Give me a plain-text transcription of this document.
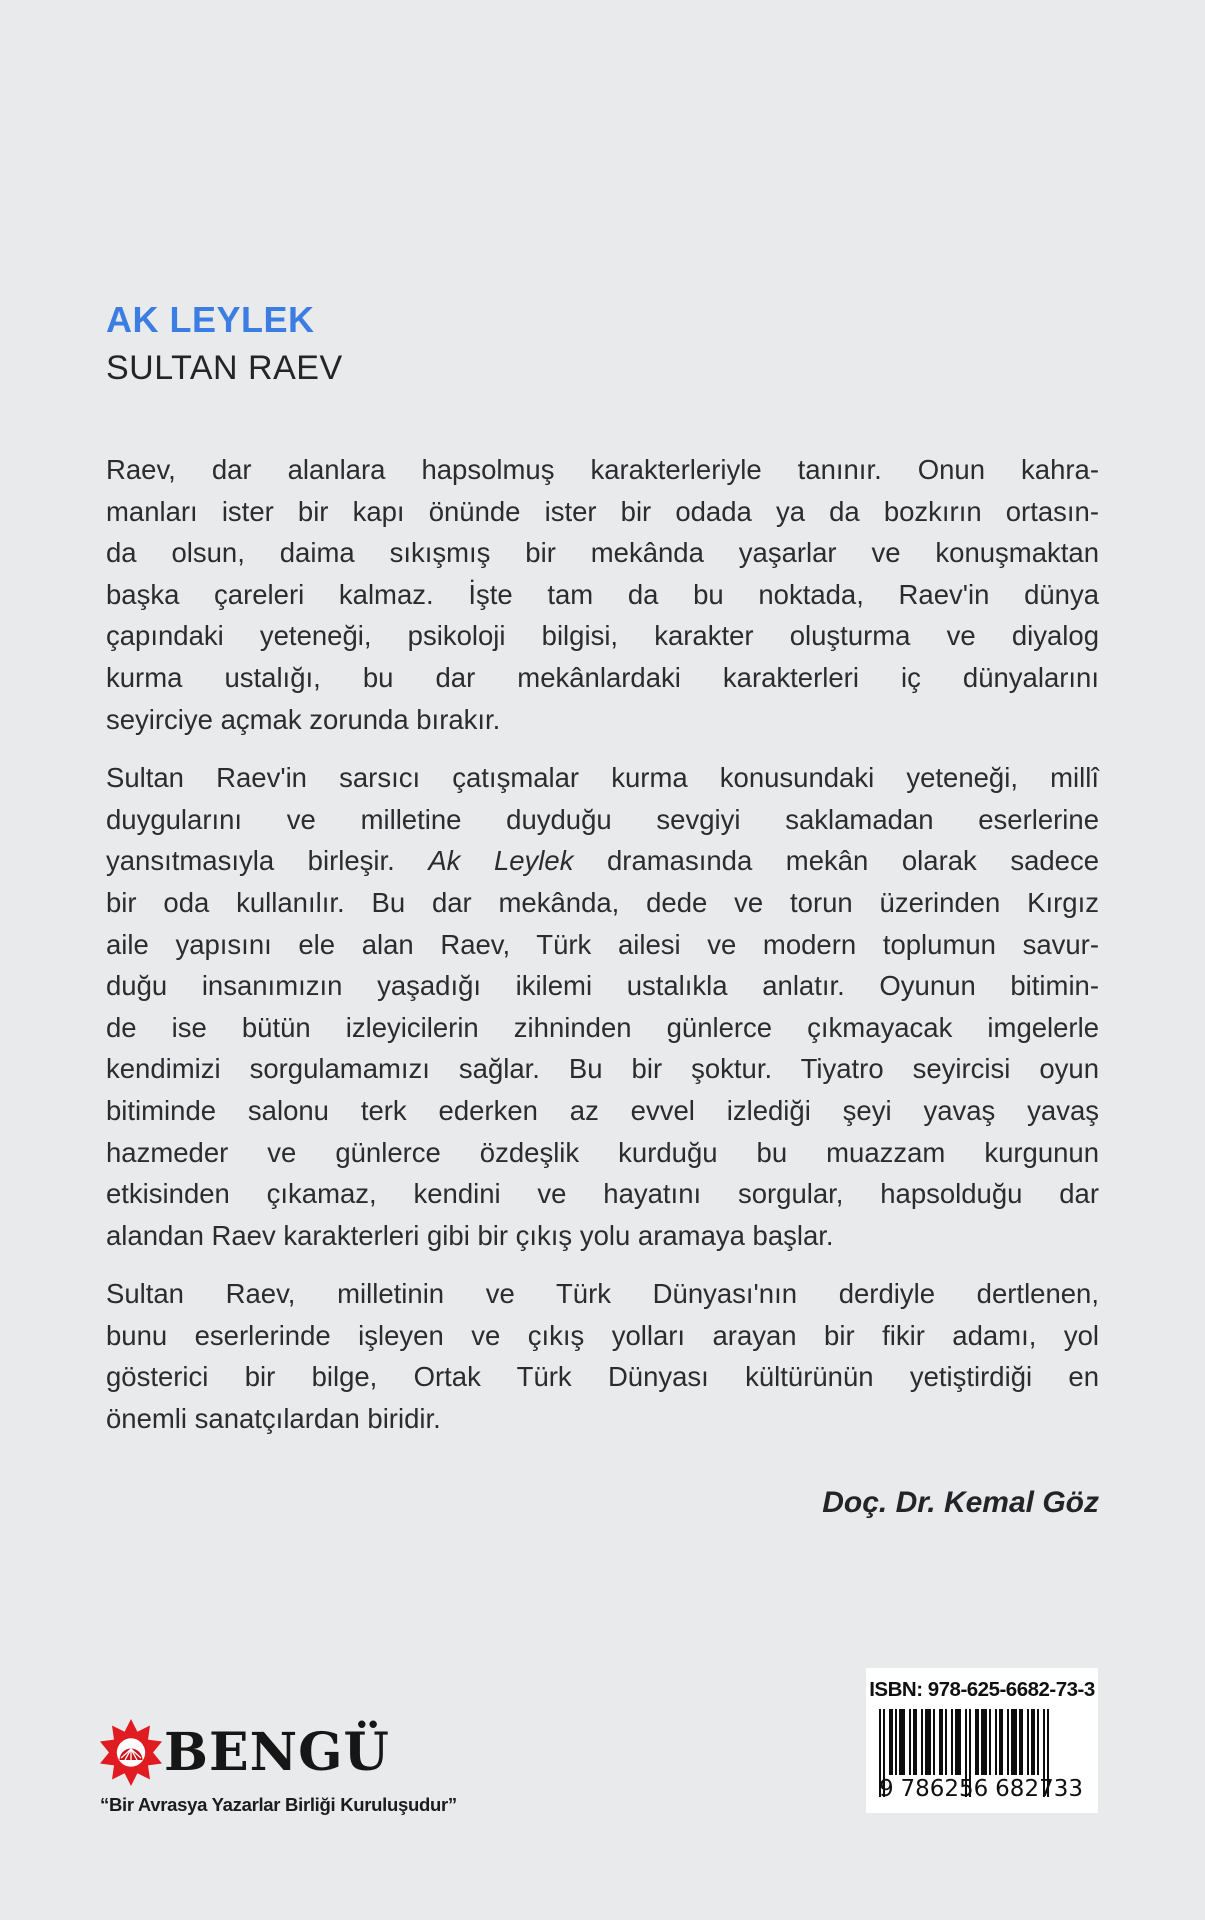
AK LEYLEK
SULTAN RAEV
Raev, dar alanlara hapsolmuş karakterleriyle tanınır. Onun kahra-
manları ister bir kapı önünde ister bir odada ya da bozkırın ortasın-
da olsun, daima sıkışmış bir mekânda yaşarlar ve konuşmaktan
başka çareleri kalmaz. İşte tam da bu noktada, Raev'in dünya
çapındaki yeteneği, psikoloji bilgisi, karakter oluşturma ve diyalog
kurma ustalığı, bu dar mekânlardaki karakterleri iç dünyalarını
seyirciye açmak zorunda bırakır.
Sultan Raev'in sarsıcı çatışmalar kurma konusundaki yeteneği, millî
duygularını ve milletine duyduğu sevgiyi saklamadan eserlerine
yansıtmasıyla birleşir. Ak Leylek dramasında mekân olarak sadece
bir oda kullanılır. Bu dar mekânda, dede ve torun üzerinden Kırgız
aile yapısını ele alan Raev, Türk ailesi ve modern toplumun savur-
duğu insanımızın yaşadığı ikilemi ustalıkla anlatır. Oyunun bitimin-
de ise bütün izleyicilerin zihninden günlerce çıkmayacak imgelerle
kendimizi sorgulamamızı sağlar. Bu bir şoktur. Tiyatro seyircisi oyun
bitiminde salonu terk ederken az evvel izlediği şeyi yavaş yavaş
hazmeder ve günlerce özdeşlik kurduğu bu muazzam kurgunun
etkisinden çıkamaz, kendini ve hayatını sorgular, hapsolduğu dar
alandan Raev karakterleri gibi bir çıkış yolu aramaya başlar.
Sultan Raev, milletinin ve Türk Dünyası'nın derdiyle dertlenen,
bunu eserlerinde işleyen ve çıkış yolları arayan bir fikir adamı, yol
gösterici bir bilge, Ortak Türk Dünyası kültürünün yetiştirdiği en
önemli sanatçılardan biridir.
Doç. Dr. Kemal Göz
BENGÜ
“Bir Avrasya Yazarlar Birliği Kuruluşudur”
ISBN: 978-625-6682-73-3
9 786256 682733
